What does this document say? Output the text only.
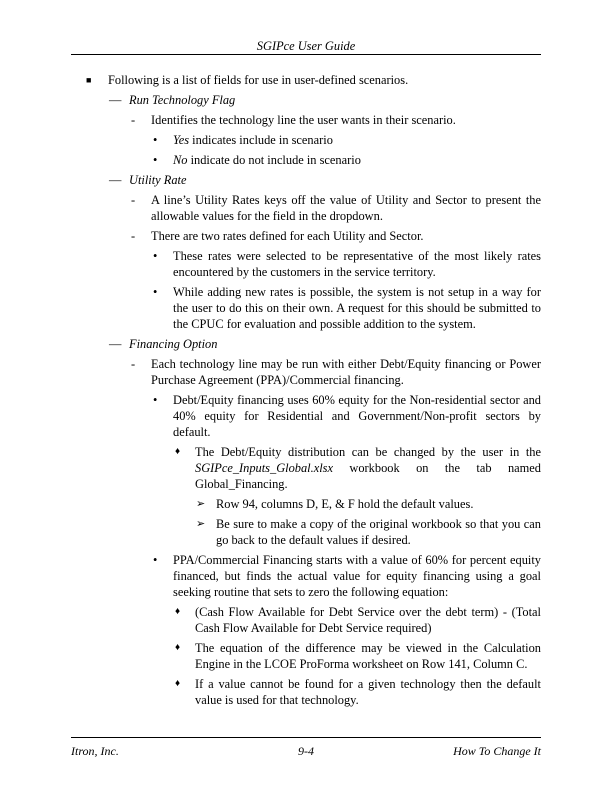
SGIPce User Guide
■ Following is a list of fields for use in user-defined scenarios.
— Run Technology Flag
- Identifies the technology line the user wants in their scenario.
• Yes indicates include in scenario
• No indicate do not include in scenario
— Utility Rate
- A line’s Utility Rates keys off the value of Utility and Sector to present the allowable values for the field in the dropdown.
- There are two rates defined for each Utility and Sector.
• These rates were selected to be representative of the most likely rates encountered by the customers in the service territory.
• While adding new rates is possible, the system is not setup in a way for the user to do this on their own. A request for this should be submitted to the CPUC for evaluation and possible addition to the system.
— Financing Option
- Each technology line may be run with either Debt/Equity financing or Power Purchase Agreement (PPA)/Commercial financing.
• Debt/Equity financing uses 60% equity for the Non-residential sector and 40% equity for Residential and Government/Non-profit sectors by default.
♦ The Debt/Equity distribution can be changed by the user in the SGIPce_Inputs_Global.xlsx workbook on the tab named Global_Financing.
➢ Row 94, columns D, E, & F hold the default values.
➢ Be sure to make a copy of the original workbook so that you can go back to the default values if desired.
• PPA/Commercial Financing starts with a value of 60% for percent equity financed, but finds the actual value for equity financing using a goal seeking routine that sets to zero the following equation:
♦ (Cash Flow Available for Debt Service over the debt term) - (Total Cash Flow Available for Debt Service required)
♦ The equation of the difference may be viewed in the Calculation Engine in the LCOE ProForma worksheet on Row 141, Column C.
♦ If a value cannot be found for a given technology then the default value is used for that technology.
Itron, Inc.	9-4	How To Change It
